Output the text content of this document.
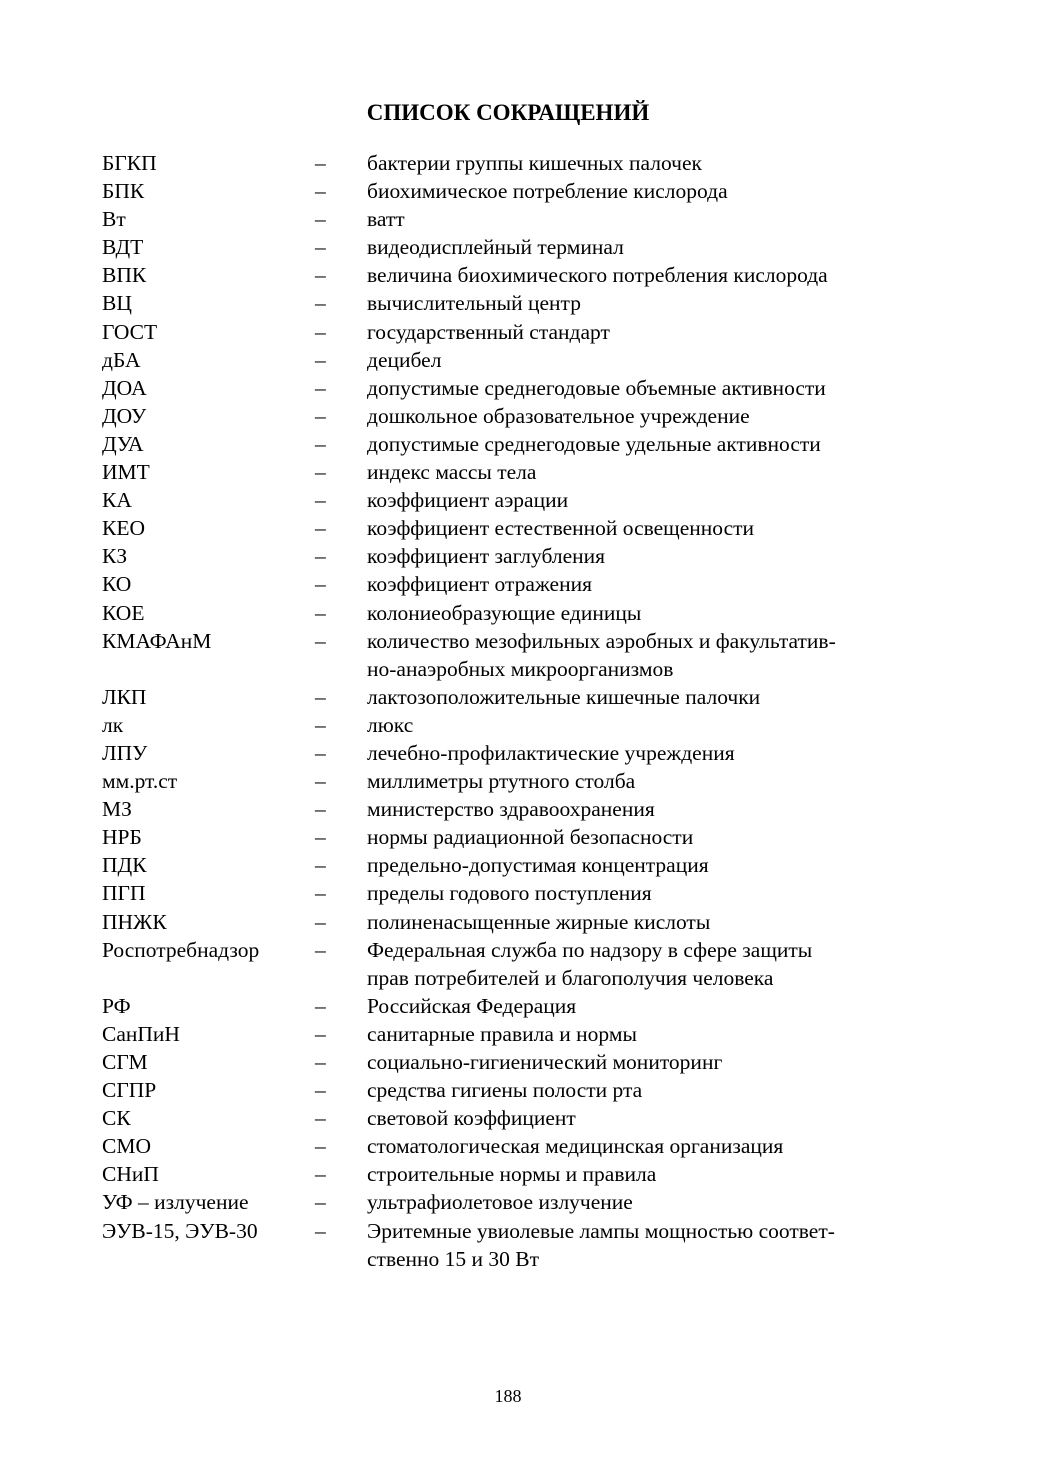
СПИСОК СОКРАЩЕНИЙ
БГКП	–	бактерии группы кишечных палочек
БПК	–	биохимическое потребление кислорода
Вт	–	ватт
ВДТ	–	видеодисплейный терминал
ВПК	–	величина биохимического потребления кислорода
ВЦ	–	вычислительный центр
ГОСТ	–	государственный стандарт
дБА	–	децибел
ДОА	–	допустимые среднегодовые объемные активности
ДОУ	–	дошкольное образовательное учреждение
ДУА	–	допустимые среднегодовые удельные активности
ИМТ	–	индекс массы тела
КА	–	коэффициент аэрации
КЕО	–	коэффициент естественной освещенности
КЗ	–	коэффициент заглубления
КО	–	коэффициент отражения
КОЕ	–	колониеобразующие единицы
КМАФАнМ	–	количество мезофильных аэробных и факультатив-
но-анаэробных микроорганизмов
ЛКП	–	лактозоположительные кишечные палочки
лк	–	люкс
ЛПУ	–	лечебно-профилактические учреждения
мм.рт.ст	–	миллиметры ртутного столба
МЗ	–	министерство здравоохранения
НРБ	–	нормы радиационной безопасности
ПДК	–	предельно-допустимая концентрация
ПГП	–	пределы годового поступления
ПНЖК	–	полиненасыщенные жирные кислоты
Роспотребнадзор	–	Федеральная служба по надзору в сфере защиты
прав потребителей и благополучия человека
РФ	–	Российская Федерация
СанПиН	–	санитарные правила и нормы
СГМ	–	социально-гигиенический мониторинг
СГПР	–	средства гигиены полости рта
СК	–	световой коэффициент
СМО	–	стоматологическая медицинская организация
СНиП	–	строительные нормы и правила
УФ – излучение	–	ультрафиолетовое излучение
ЭУВ-15, ЭУВ-30	–	Эритемные увиолевые лампы мощностью соответ-
ственно 15 и 30 Вт
188
